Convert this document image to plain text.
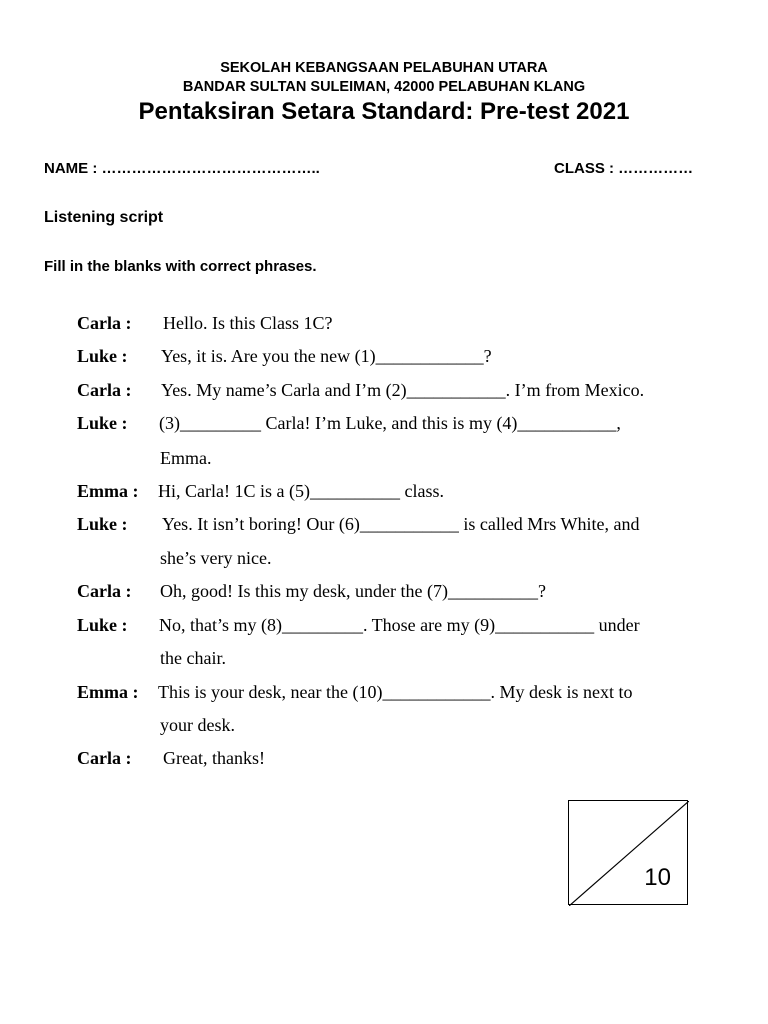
SEKOLAH KEBANGSAAN PELABUHAN UTARA
BANDAR SULTAN SULEIMAN, 42000 PELABUHAN KLANG
Pentaksiran Setara Standard: Pre-test 2021
NAME : ……………………………………..	CLASS : ……………
Listening script
Fill in the blanks with correct phrases.
Carla : Hello. Is this Class 1C?
Luke : Yes, it is. Are you the new (1)____________?
Carla : Yes. My name’s Carla and I’m (2)___________. I’m from Mexico.
Luke : (3)_________ Carla! I’m Luke, and this is my (4)___________,
Emma.
Emma : Hi, Carla! 1C is a (5)__________ class.
Luke : Yes. It isn’t boring! Our (6)___________ is called Mrs White, and
she’s very nice.
Carla : Oh, good! Is this my desk, under the (7)__________?
Luke : No, that’s my (8)_________. Those are my (9)___________ under
the chair.
Emma : This is your desk, near the (10)____________. My desk is next to
your desk.
Carla : Great, thanks!
10
